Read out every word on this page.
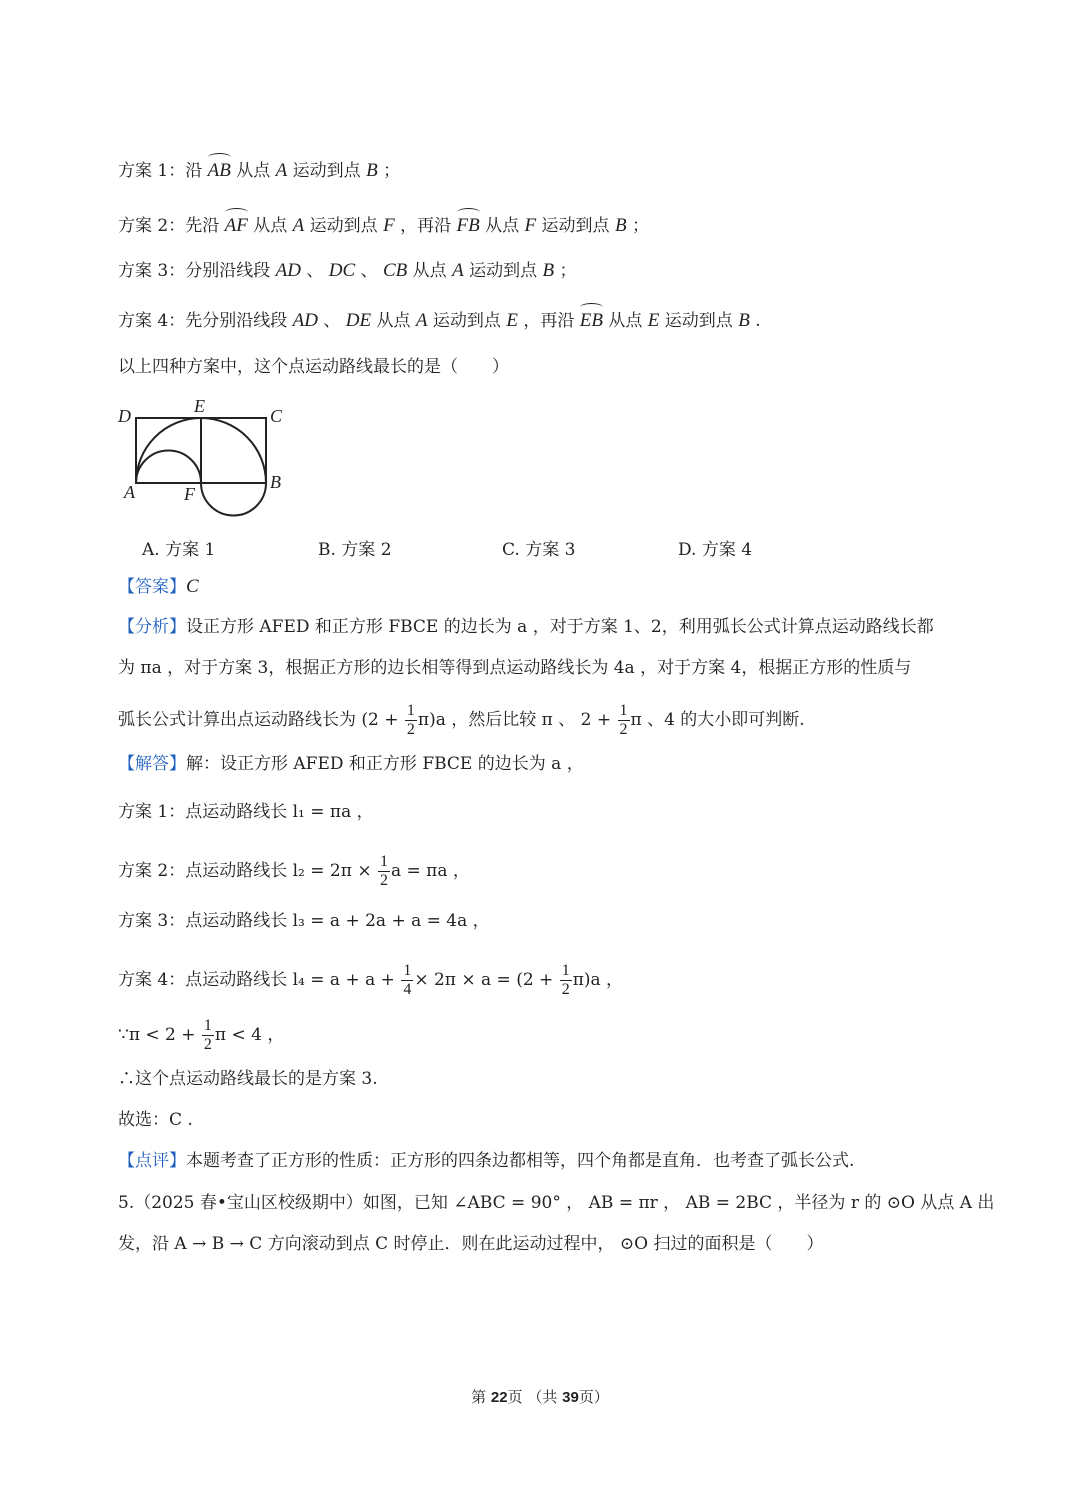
方案 1：沿 AB 从点 A 运动到点 B ；
方案 2：先沿 AF 从点 A 运动到点 F ，再沿 FB 从点 F 运动到点 B ；
方案 3：分别沿线段 AD 、 DC 、 CB 从点 A 运动到点 B ；
方案 4：先分别沿线段 AD 、 DE 从点 A 运动到点 E ，再沿 EB 从点 E 运动到点 B .
以上四种方案中，这个点运动路线最长的是（　　）
D	E	C
A	F
B
A. 方案 1	B. 方案 2	C. 方案 3	D. 方案 4
【答案】C
【分析】设正方形 AFED 和正方形 FBCE 的边长为 a ，对于方案 1、2，利用弧长公式计算点运动路线长都
为 πa ，对于方案 3，根据正方形的边长相等得到点运动路线长为 4a ，对于方案 4，根据正方形的性质与
弧长公式计算出点运动路线长为 $(2 + \frac{1}{2} \pi)a$ ，然后比较 π 、 $2 + \frac{1}{2}$ π 、4 的大小即可判断.
【解答】解：设正方形 AFED 和正方形 FBCE 的边长为 a ，
方案 1：点运动路线长 l₁ = πa ，
方案 2：点运动路线长 $l_2 = 2\pi \times \frac{1}{2}$ a = πa ，
方案 3：点运动路线长 l₃ = a + 2a + a = 4a ，
方案 4：点运动路线长 $l_4 = a + a + \frac{1}{4} \times 2\pi \times a = (2 + \frac{1}{2} \pi)a$ ，
∵π < $2 + \frac{1}{2}$ π < 4 ，
∴这个点运动路线最长的是方案 3.
故选：C .
【点评】本题考查了正方形的性质：正方形的四条边都相等，四个角都是直角．也考查了弧长公式.
5.（2025 春•宝山区校级期中）如图，已知 ∠ABC = 90° ， AB = πr ， AB = 2BC ，半径为 r 的 ⊙O 从点 A 出
发，沿 A → B → C 方向滚动到点 C 时停止．则在此运动过程中， ⊙O 扫过的面积是（　　）
第 22页 （共 39页）
